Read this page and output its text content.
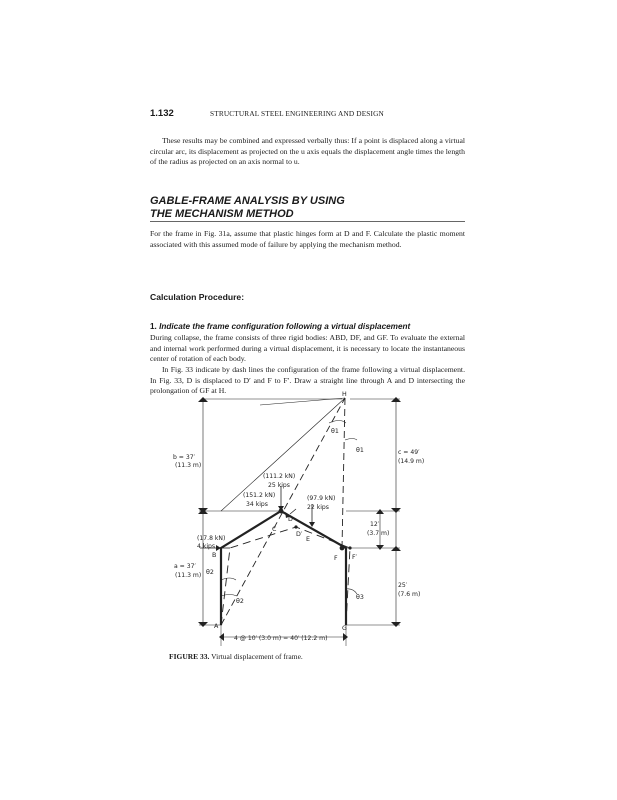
1.132	STRUCTURAL STEEL ENGINEERING AND DESIGN

These results may be combined and expressed verbally thus: If a point is displaced along a virtual circular arc, its displacement as projected on the u axis equals the displacement angle times the length of the radius as projected on an axis normal to u.

GABLE-FRAME ANALYSIS BY USING
THE MECHANISM METHOD

For the frame in Fig. 31a, assume that plastic hinges form at D and F. Calculate the plastic moment associated with this assumed mode of failure by applying the mechanism method.

Calculation Procedure:
1. Indicate the frame configuration following a virtual displacement

During collapse, the frame consists of three rigid bodies: ABD, DF, and GF. To evaluate the external and internal work performed during a virtual displacement, it is necessary to locate the instantaneous center of rotation of each body.

In Fig. 33 indicate by dash lines the configuration of the frame following a virtual displacement. In Fig. 33, D is displaced to D′ and F to F′. Draw a straight line through A and D intersecting the prolongation of GF at H.	H
C
D
D′
E
F F′
B
A	G
θ1
θ1
θ2
θ2
θ3
b = 37′
(11.3 m)
a = 37′
(11.3 m)
c = 49′
(14.9 m)
12′
(3.7 m)
25′
(7.6 m)
4 @ 10′ (3.0 m) = 40′ (12.2 m)
(111.2 kN)
25 kips
(151.2 kN)
34 kips
(97.9 kN)
22 kips
(17.8 kN)
4 kips
FIGURE 33. Virtual displacement of frame.
